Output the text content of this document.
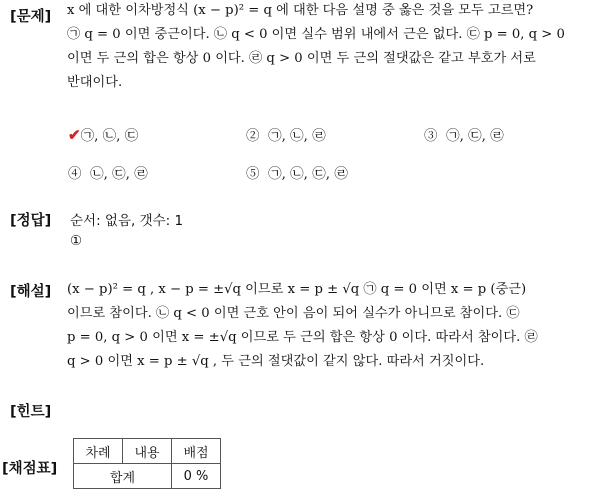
[문제] x 에 대한 이차방정식 (x − p)² = q 에 대한 다음 설명 중 옳은 것을 모두 고르면?

㉠ q = 0 이면 중근이다. ㉡ q < 0 이면 실수 범위 내에서 근은 없다. ㉢ p = 0, q > 0

이면 두 근의 합은 항상 0 이다. ㉣ q > 0 이면 두 근의 절댓값은 같고 부호가 서로

반대이다.

✔㉠, ㉡, ㉢	② ㉠, ㉡, ㉣	③ ㉠, ㉢, ㉣
④ ㉡, ㉢, ㉣	⑤ ㉠, ㉡, ㉢, ㉣
[정답] 순서: 없음, 갯수: 1
①
[해설] (x − p)² = q , x − p = ±√q 이므로 x = p ± √q ㉠ q = 0 이면 x = p (중근)

이므로 참이다. ㉡ q < 0 이면 근호 안이 음이 되어 실수가 아니므로 참이다. ㉢

p = 0, q > 0 이면 x = ±√q 이므로 두 근의 합은 항상 0 이다. 따라서 참이다. ㉣

q > 0 이면 x = p ± √q , 두 근의 절댓값이 같지 않다. 따라서 거짓이다.

[힌트]
[채점표]
차례	내용	배점
합계		0 %
